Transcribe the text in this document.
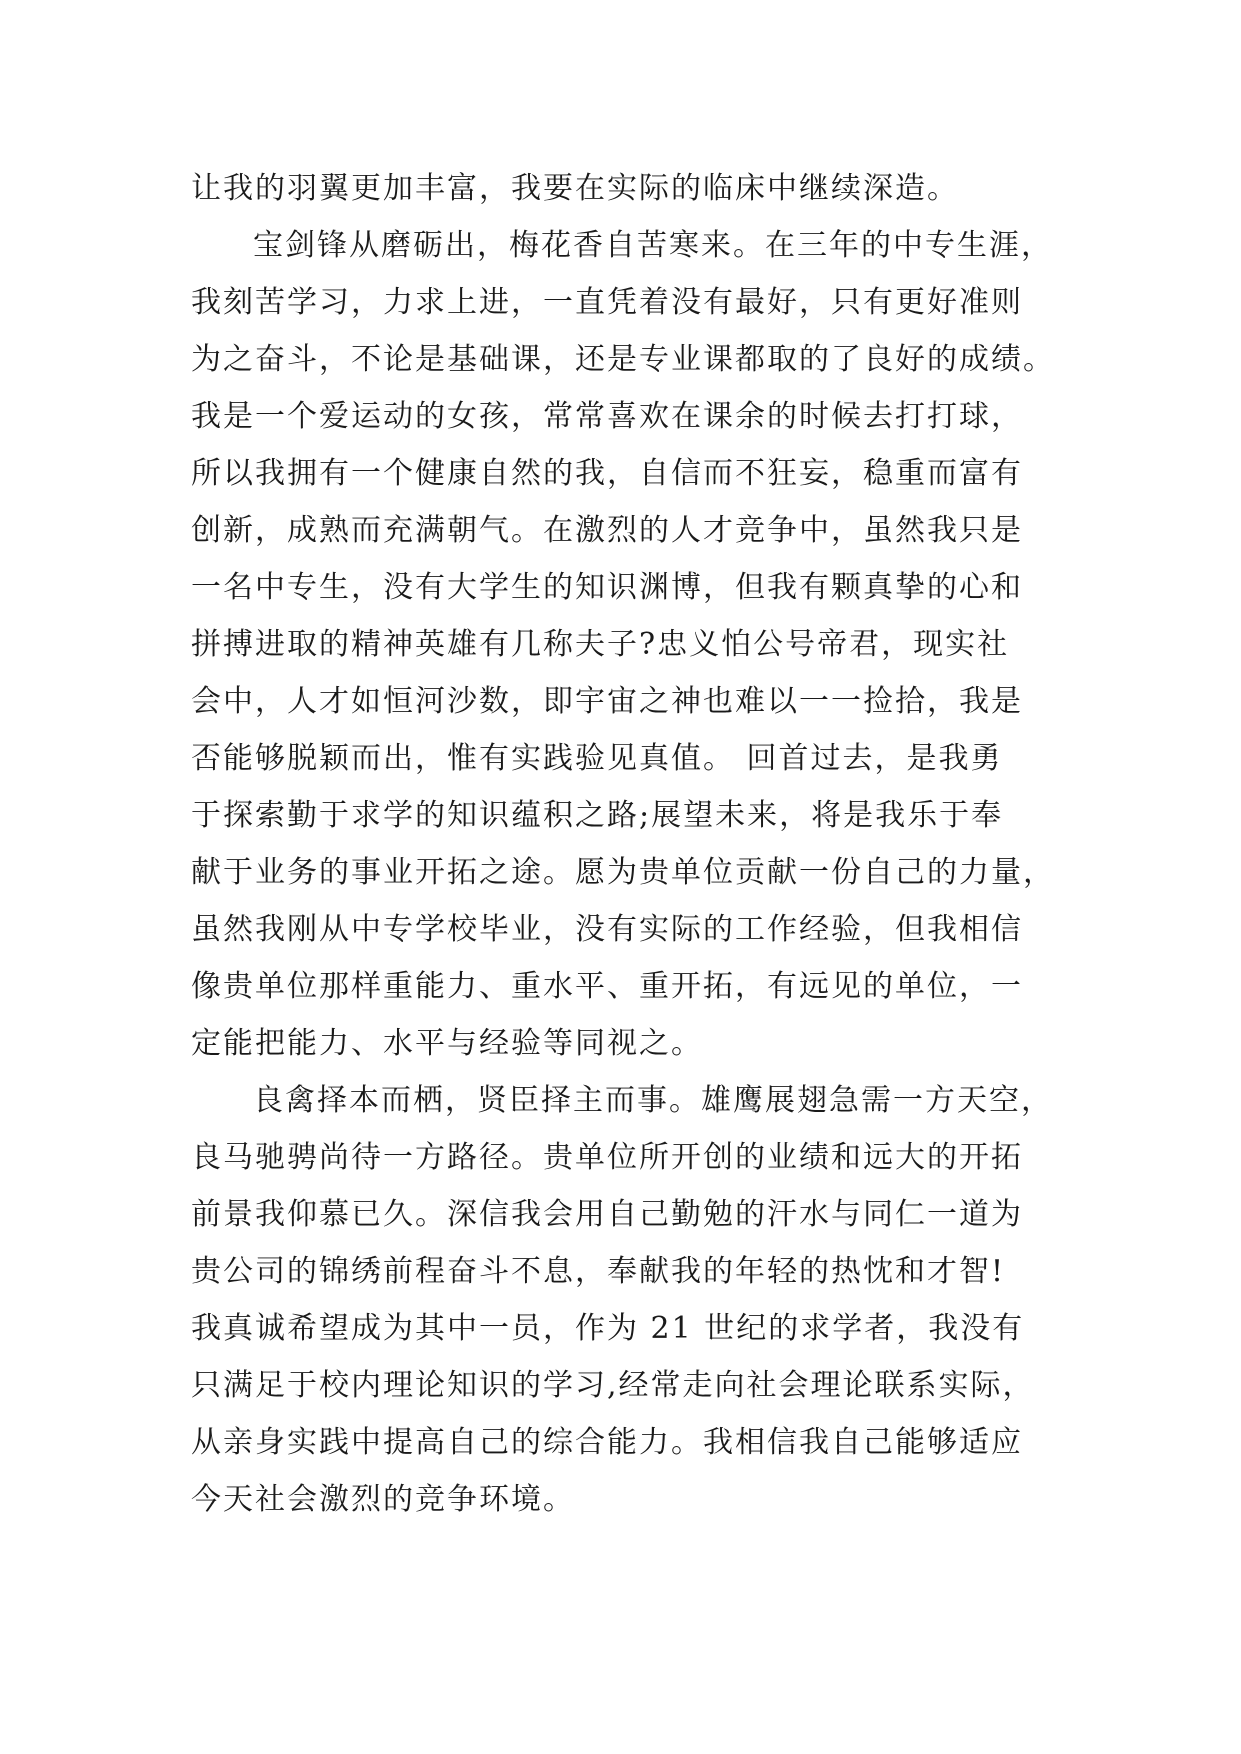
让我的羽翼更加丰富，我要在实际的临床中继续深造。
宝剑锋从磨砺出，梅花香自苦寒来。在三年的中专生涯，
我刻苦学习，力求上进，一直凭着没有最好，只有更好准则
为之奋斗，不论是基础课，还是专业课都取的了良好的成绩。
我是一个爱运动的女孩，常常喜欢在课余的时候去打打球，
所以我拥有一个健康自然的我，自信而不狂妄，稳重而富有
创新，成熟而充满朝气。在激烈的人才竞争中，虽然我只是
一名中专生，没有大学生的知识渊博，但我有颗真挚的心和
拼搏进取的精神英雄有几称夫子?忠义怕公号帝君，现实社
会中，人才如恒河沙数，即宇宙之神也难以一一捡拾，我是
否能够脱颖而出，惟有实践验见真值。 回首过去，是我勇
于探索勤于求学的知识蕴积之路;展望未来，将是我乐于奉
献于业务的事业开拓之途。愿为贵单位贡献一份自己的力量，
虽然我刚从中专学校毕业，没有实际的工作经验，但我相信
像贵单位那样重能力、重水平、重开拓，有远见的单位，一
定能把能力、水平与经验等同视之。
良禽择本而栖，贤臣择主而事。雄鹰展翅急需一方天空，
良马驰骋尚待一方路径。贵单位所开创的业绩和远大的开拓
前景我仰慕已久。深信我会用自己勤勉的汗水与同仁一道为
贵公司的锦绣前程奋斗不息，奉献我的年轻的热忱和才智!
我真诚希望成为其中一员，作为 21 世纪的求学者，我没有
只满足于校内理论知识的学习,经常走向社会理论联系实际，
从亲身实践中提高自己的综合能力。我相信我自己能够适应
今天社会激烈的竞争环境。
